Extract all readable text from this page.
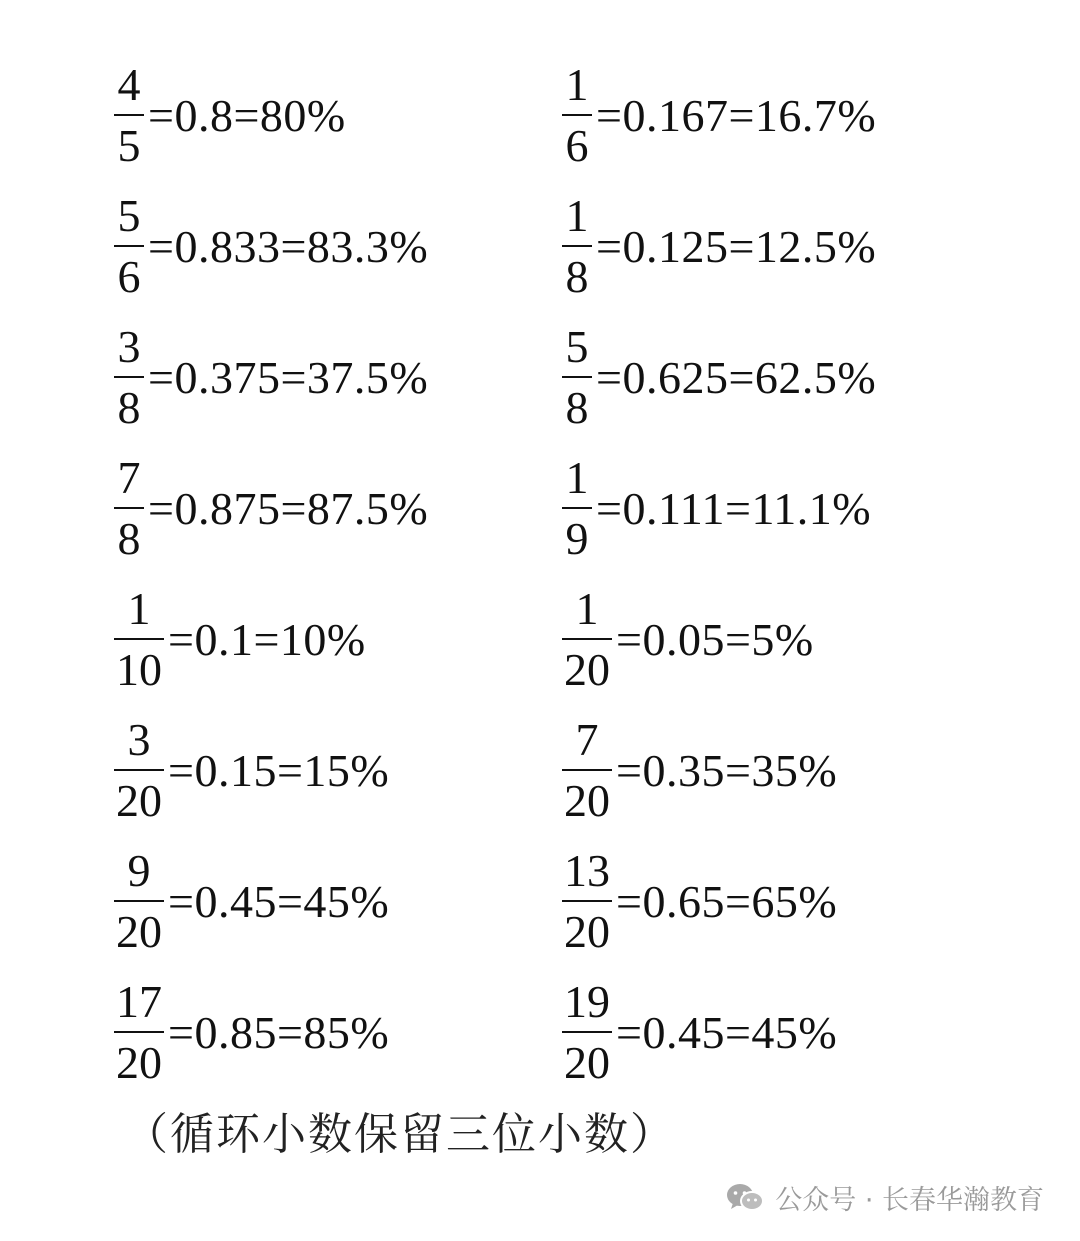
$\frac{4}{5} =0.8=80\%$
$\frac{5}{6} =0.833=83.3\%$
$\frac{3}{8} =0.375=37.5\%$
$\frac{7}{8} =0.875=87.5\%$
$\frac{1}{10} =0.1=10\%$
$\frac{3}{20} =0.15=15\%$
$\frac{9}{20} =0.45=45\%$
$\frac{17}{20} =0.85=85\%$
$\frac{1}{6} =0.167=16.7\%$
$\frac{1}{8} =0.125=12.5\%$
$\frac{5}{8} =0.625=62.5\%$
$\frac{1}{9} =0.111=11.1\%$
$\frac{1}{20} =0.05=5\%$
$\frac{7}{20} =0.35=35\%$
$\frac{13}{20} =0.65=65\%$
$\frac{19}{20} =0.45=45\%$
（循环小数保留三位小数）
公众号 · 长春华瀚教育
